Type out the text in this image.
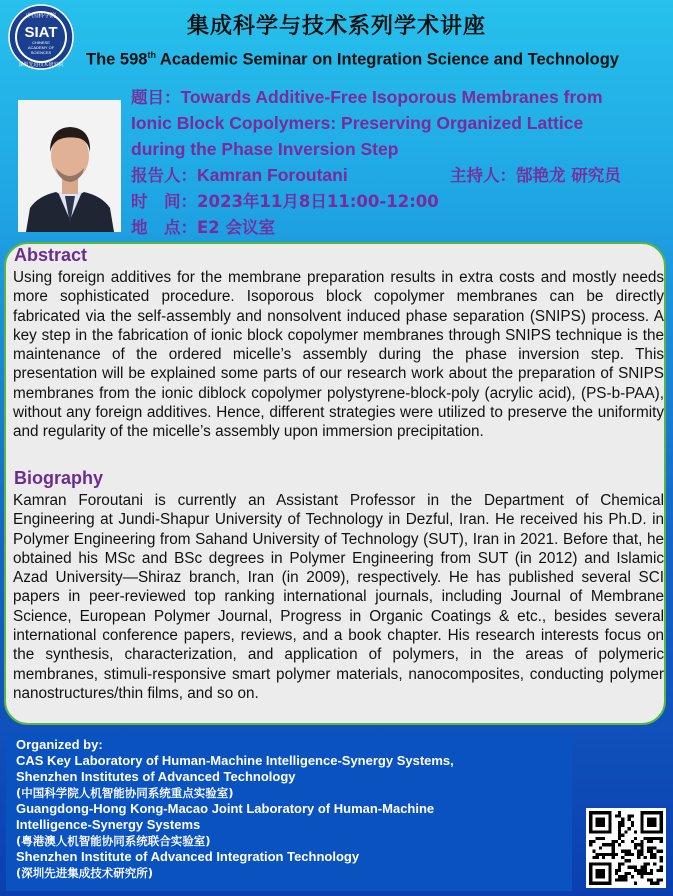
中国科学院
SIAT
CHINESE
ACADEMY OF
SCIENCES
深圳先进技术研究院
集成科学与技术系列学术讲座
The 598th Academic Seminar on Integration Science and Technology
题目：Towards Additive-Free Isoporous Membranes from
Ionic Block Copolymers: Preserving Organized Lattice
during the Phase Inversion Step
报告人：Kamran Foroutani	主持人：郜艳龙 研究员
时　间：2023年11月8日11:00-12:00
地　点：E2 会议室
Abstract
Using foreign additives for the membrane preparation results in extra costs and mostly needs more sophisticated procedure. Isoporous block copolymer membranes can be directly fabricated via the self-assembly and nonsolvent induced phase separation (SNIPS) process. A key step in the fabrication of ionic block copolymer membranes through SNIPS technique is the maintenance of the ordered micelle’s assembly during the phase inversion step. This presentation will be explained some parts of our research work about the preparation of SNIPS membranes from the ionic diblock copolymer polystyrene-block-poly (acrylic acid), (PS-b-PAA), without any foreign additives. Hence, different strategies were utilized to preserve the uniformity and regularity of the micelle’s assembly upon immersion precipitation.
Biography
Kamran Foroutani is currently an Assistant Professor in the Department of Chemical Engineering at Jundi-Shapur University of Technology in Dezful, Iran. He received his Ph.D. in Polymer Engineering from Sahand University of Technology (SUT), Iran in 2021. Before that, he obtained his MSc and BSc degrees in Polymer Engineering from SUT (in 2012) and Islamic Azad University—Shiraz branch, Iran (in 2009), respectively. He has published several SCI papers in peer-reviewed top ranking international journals, including Journal of Membrane Science, European Polymer Journal, Progress in Organic Coatings & etc., besides several international conference papers, reviews, and a book chapter. His research interests focus on the synthesis, characterization, and application of polymers, in the areas of polymeric membranes, stimuli-responsive smart polymer materials, nanocomposites, conducting polymer nanostructures/thin films, and so on.
Organized by:
CAS Key Laboratory of Human-Machine Intelligence-Synergy Systems,
Shenzhen Institutes of Advanced Technology
(中国科学院人机智能协同系统重点实验室)
Guangdong-Hong Kong-Macao Joint Laboratory of Human-Machine
Intelligence-Synergy Systems
(粤港澳人机智能协同系统联合实验室)
Shenzhen Institute of Advanced Integration Technology
(深圳先进集成技术研究所)
